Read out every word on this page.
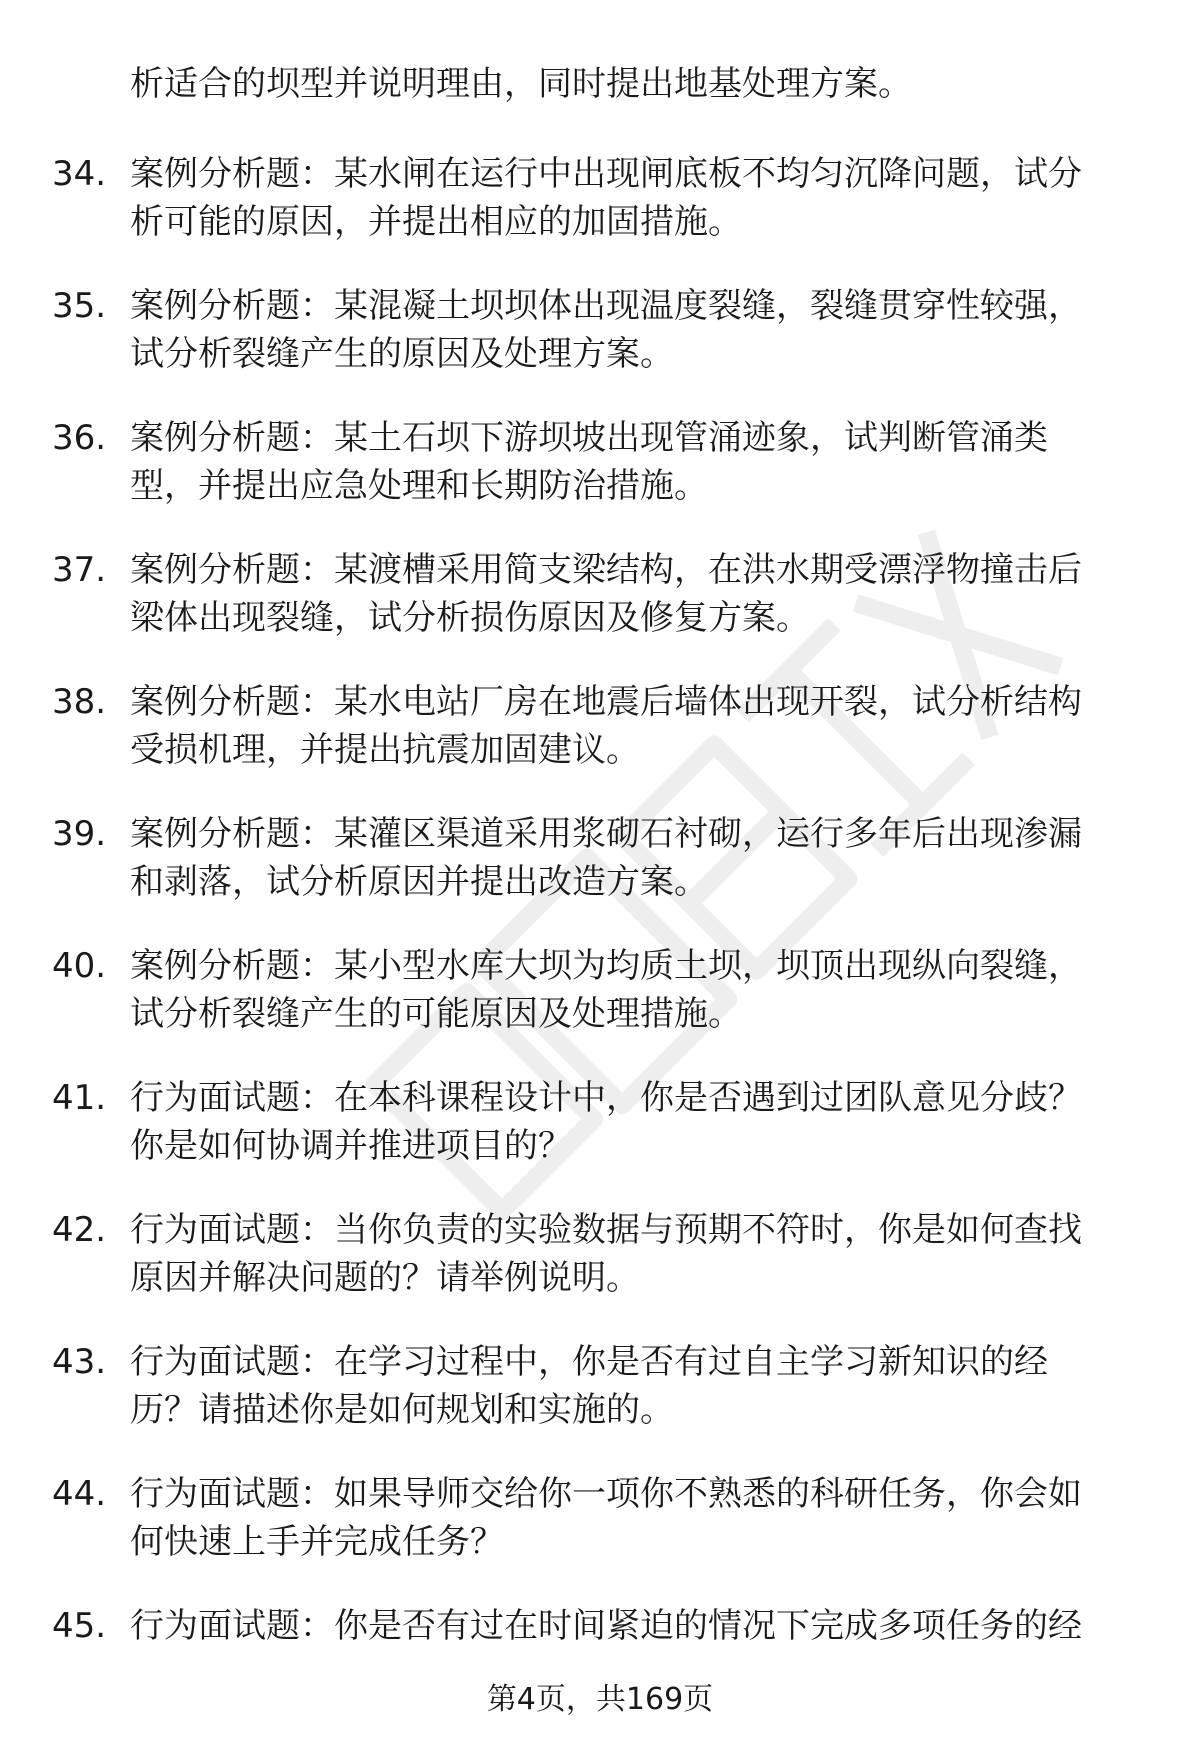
析适合的坝型并说明理由，同时提出地基处理方案。
34. 案例分析题：某水闸在运行中出现闸底板不均匀沉降问题，试分
析可能的原因，并提出相应的加固措施。
35. 案例分析题：某混凝土坝坝体出现温度裂缝，裂缝贯穿性较强，
试分析裂缝产生的原因及处理方案。
36. 案例分析题：某土石坝下游坝坡出现管涌迹象，试判断管涌类
型，并提出应急处理和长期防治措施。
37. 案例分析题：某渡槽采用简支梁结构，在洪水期受漂浮物撞击后
梁体出现裂缝，试分析损伤原因及修复方案。
38. 案例分析题：某水电站厂房在地震后墙体出现开裂，试分析结构
受损机理，并提出抗震加固建议。
39. 案例分析题：某灌区渠道采用浆砌石衬砌，运行多年后出现渗漏
和剥落，试分析原因并提出改造方案。
40. 案例分析题：某小型水库大坝为均质土坝，坝顶出现纵向裂缝，
试分析裂缝产生的可能原因及处理措施。
41. 行为面试题：在本科课程设计中，你是否遇到过团队意见分歧？
你是如何协调并推进项目的？
42. 行为面试题：当你负责的实验数据与预期不符时，你是如何查找
原因并解决问题的？请举例说明。
43. 行为面试题：在学习过程中，你是否有过自主学习新知识的经
历？请描述你是如何规划和实施的。
44. 行为面试题：如果导师交给你一项你不熟悉的科研任务，你会如
何快速上手并完成任务？
45. 行为面试题：你是否有过在时间紧迫的情况下完成多项任务的经
第4页，共169页
